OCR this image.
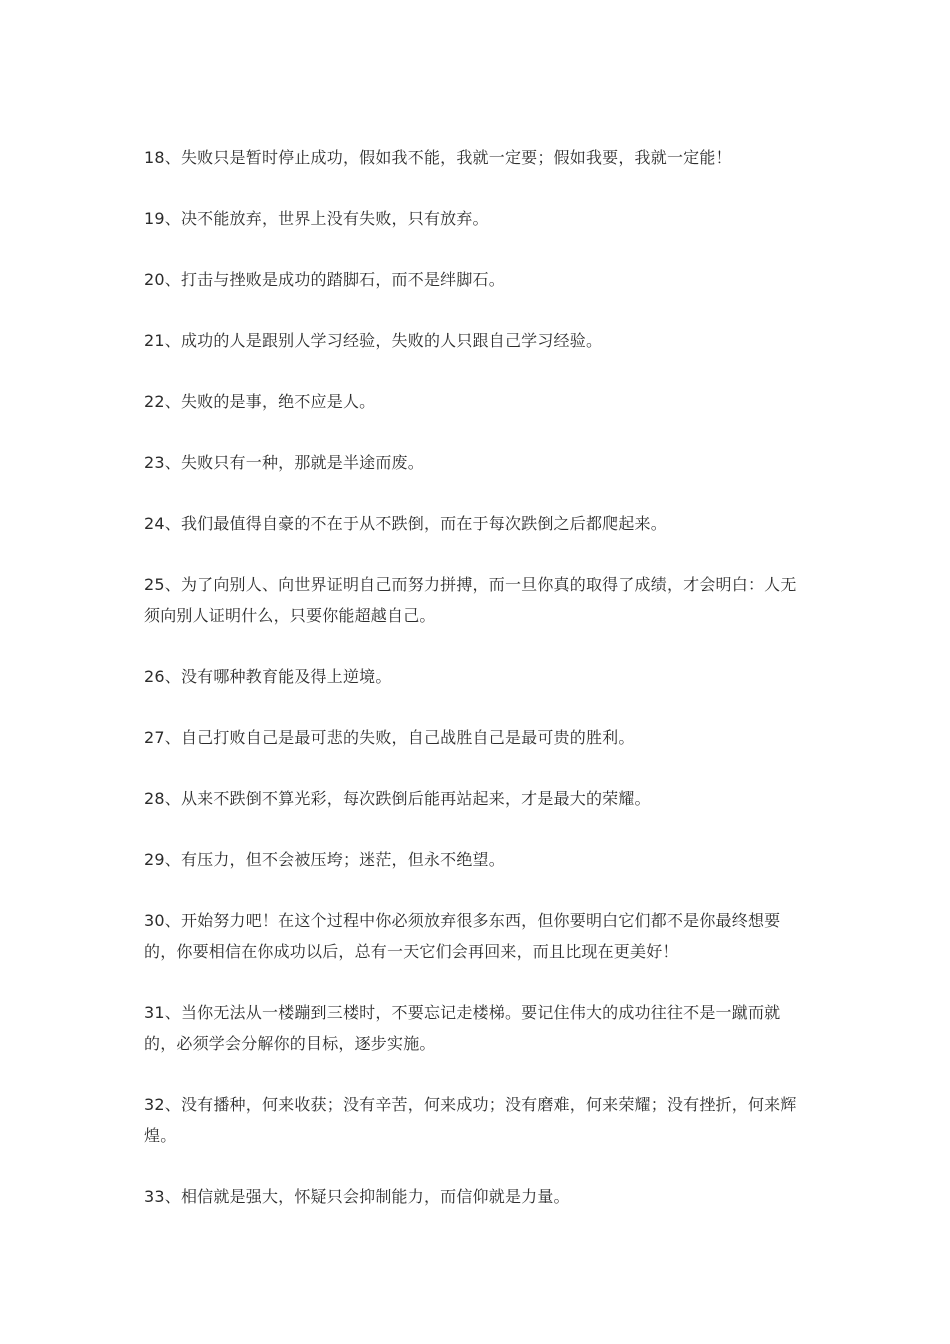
18、失败只是暂时停止成功，假如我不能，我就一定要；假如我要，我就一定能！

19、决不能放弃，世界上没有失败，只有放弃。

20、打击与挫败是成功的踏脚石，而不是绊脚石。

21、成功的人是跟别人学习经验，失败的人只跟自己学习经验。

22、失败的是事，绝不应是人。

23、失败只有一种，那就是半途而废。

24、我们最值得自豪的不在于从不跌倒，而在于每次跌倒之后都爬起来。

25、为了向别人、向世界证明自己而努力拼搏，而一旦你真的取得了成绩，才会明白：人无须向别人证明什么，只要你能超越自己。

26、没有哪种教育能及得上逆境。

27、自己打败自己是最可悲的失败，自己战胜自己是最可贵的胜利。

28、从来不跌倒不算光彩，每次跌倒后能再站起来，才是最大的荣耀。

29、有压力，但不会被压垮；迷茫，但永不绝望。

30、开始努力吧！在这个过程中你必须放弃很多东西，但你要明白它们都不是你最终想要的，你要相信在你成功以后，总有一天它们会再回来，而且比现在更美好！

31、当你无法从一楼蹦到三楼时，不要忘记走楼梯。要记住伟大的成功往往不是一蹴而就的，必须学会分解你的目标，逐步实施。

32、没有播种，何来收获；没有辛苦，何来成功；没有磨难，何来荣耀；没有挫折，何来辉煌。

33、相信就是强大，怀疑只会抑制能力，而信仰就是力量。
